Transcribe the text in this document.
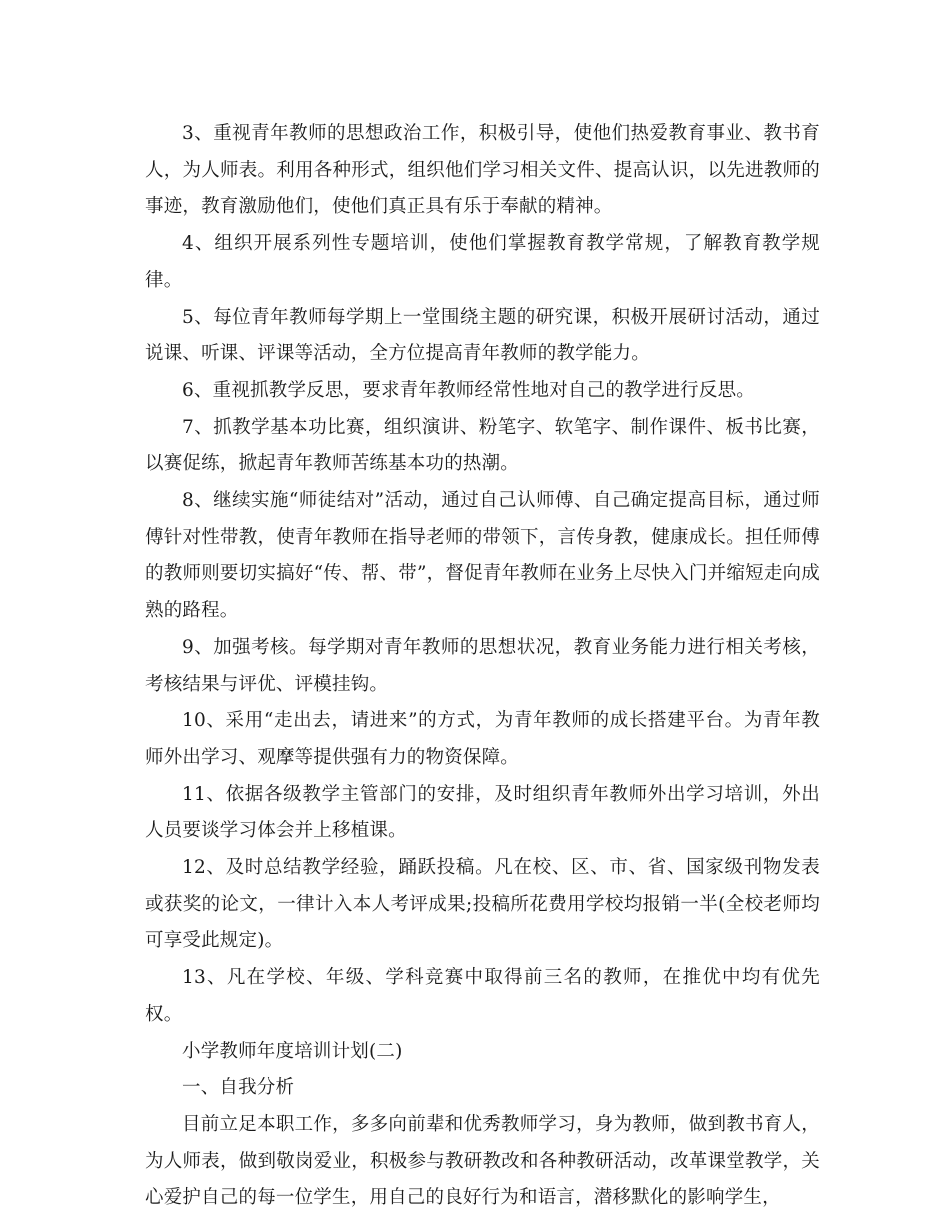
3、重视青年教师的思想政治工作，积极引导，使他们热爱教育事业、教书育人，为人师表。利用各种形式，组织他们学习相关文件、提高认识，以先进教师的事迹，教育激励他们，使他们真正具有乐于奉献的精神。

4、组织开展系列性专题培训，使他们掌握教育教学常规，了解教育教学规律。

5、每位青年教师每学期上一堂围绕主题的研究课，积极开展研讨活动，通过说课、听课、评课等活动，全方位提高青年教师的教学能力。

6、重视抓教学反思，要求青年教师经常性地对自己的教学进行反思。

7、抓教学基本功比赛，组织演讲、粉笔字、软笔字、制作课件、板书比赛，以赛促练，掀起青年教师苦练基本功的热潮。

8、继续实施“师徒结对”活动，通过自己认师傅、自己确定提高目标，通过师傅针对性带教，使青年教师在指导老师的带领下，言传身教，健康成长。担任师傅的教师则要切实搞好“传、帮、带”，督促青年教师在业务上尽快入门并缩短走向成熟的路程。

9、加强考核。每学期对青年教师的思想状况，教育业务能力进行相关考核，考核结果与评优、评模挂钩。

10、采用“走出去，请进来”的方式，为青年教师的成长搭建平台。为青年教师外出学习、观摩等提供强有力的物资保障。

11、依据各级教学主管部门的安排，及时组织青年教师外出学习培训，外出人员要谈学习体会并上移植课。

12、及时总结教学经验，踊跃投稿。凡在校、区、市、省、国家级刊物发表或获奖的论文，一律计入本人考评成果;投稿所花费用学校均报销一半(全校老师均可享受此规定)。

13、凡在学校、年级、学科竞赛中取得前三名的教师，在推优中均有优先权。

小学教师年度培训计划(二)

一、自我分析

目前立足本职工作，多多向前辈和优秀教师学习，身为教师，做到教书育人，为人师表，做到敬岗爱业，积极参与教研教改和各种教研活动，改革课堂教学，关心爱护自己的每一位学生，用自己的良好行为和语言，潜移默化的影响学生，
